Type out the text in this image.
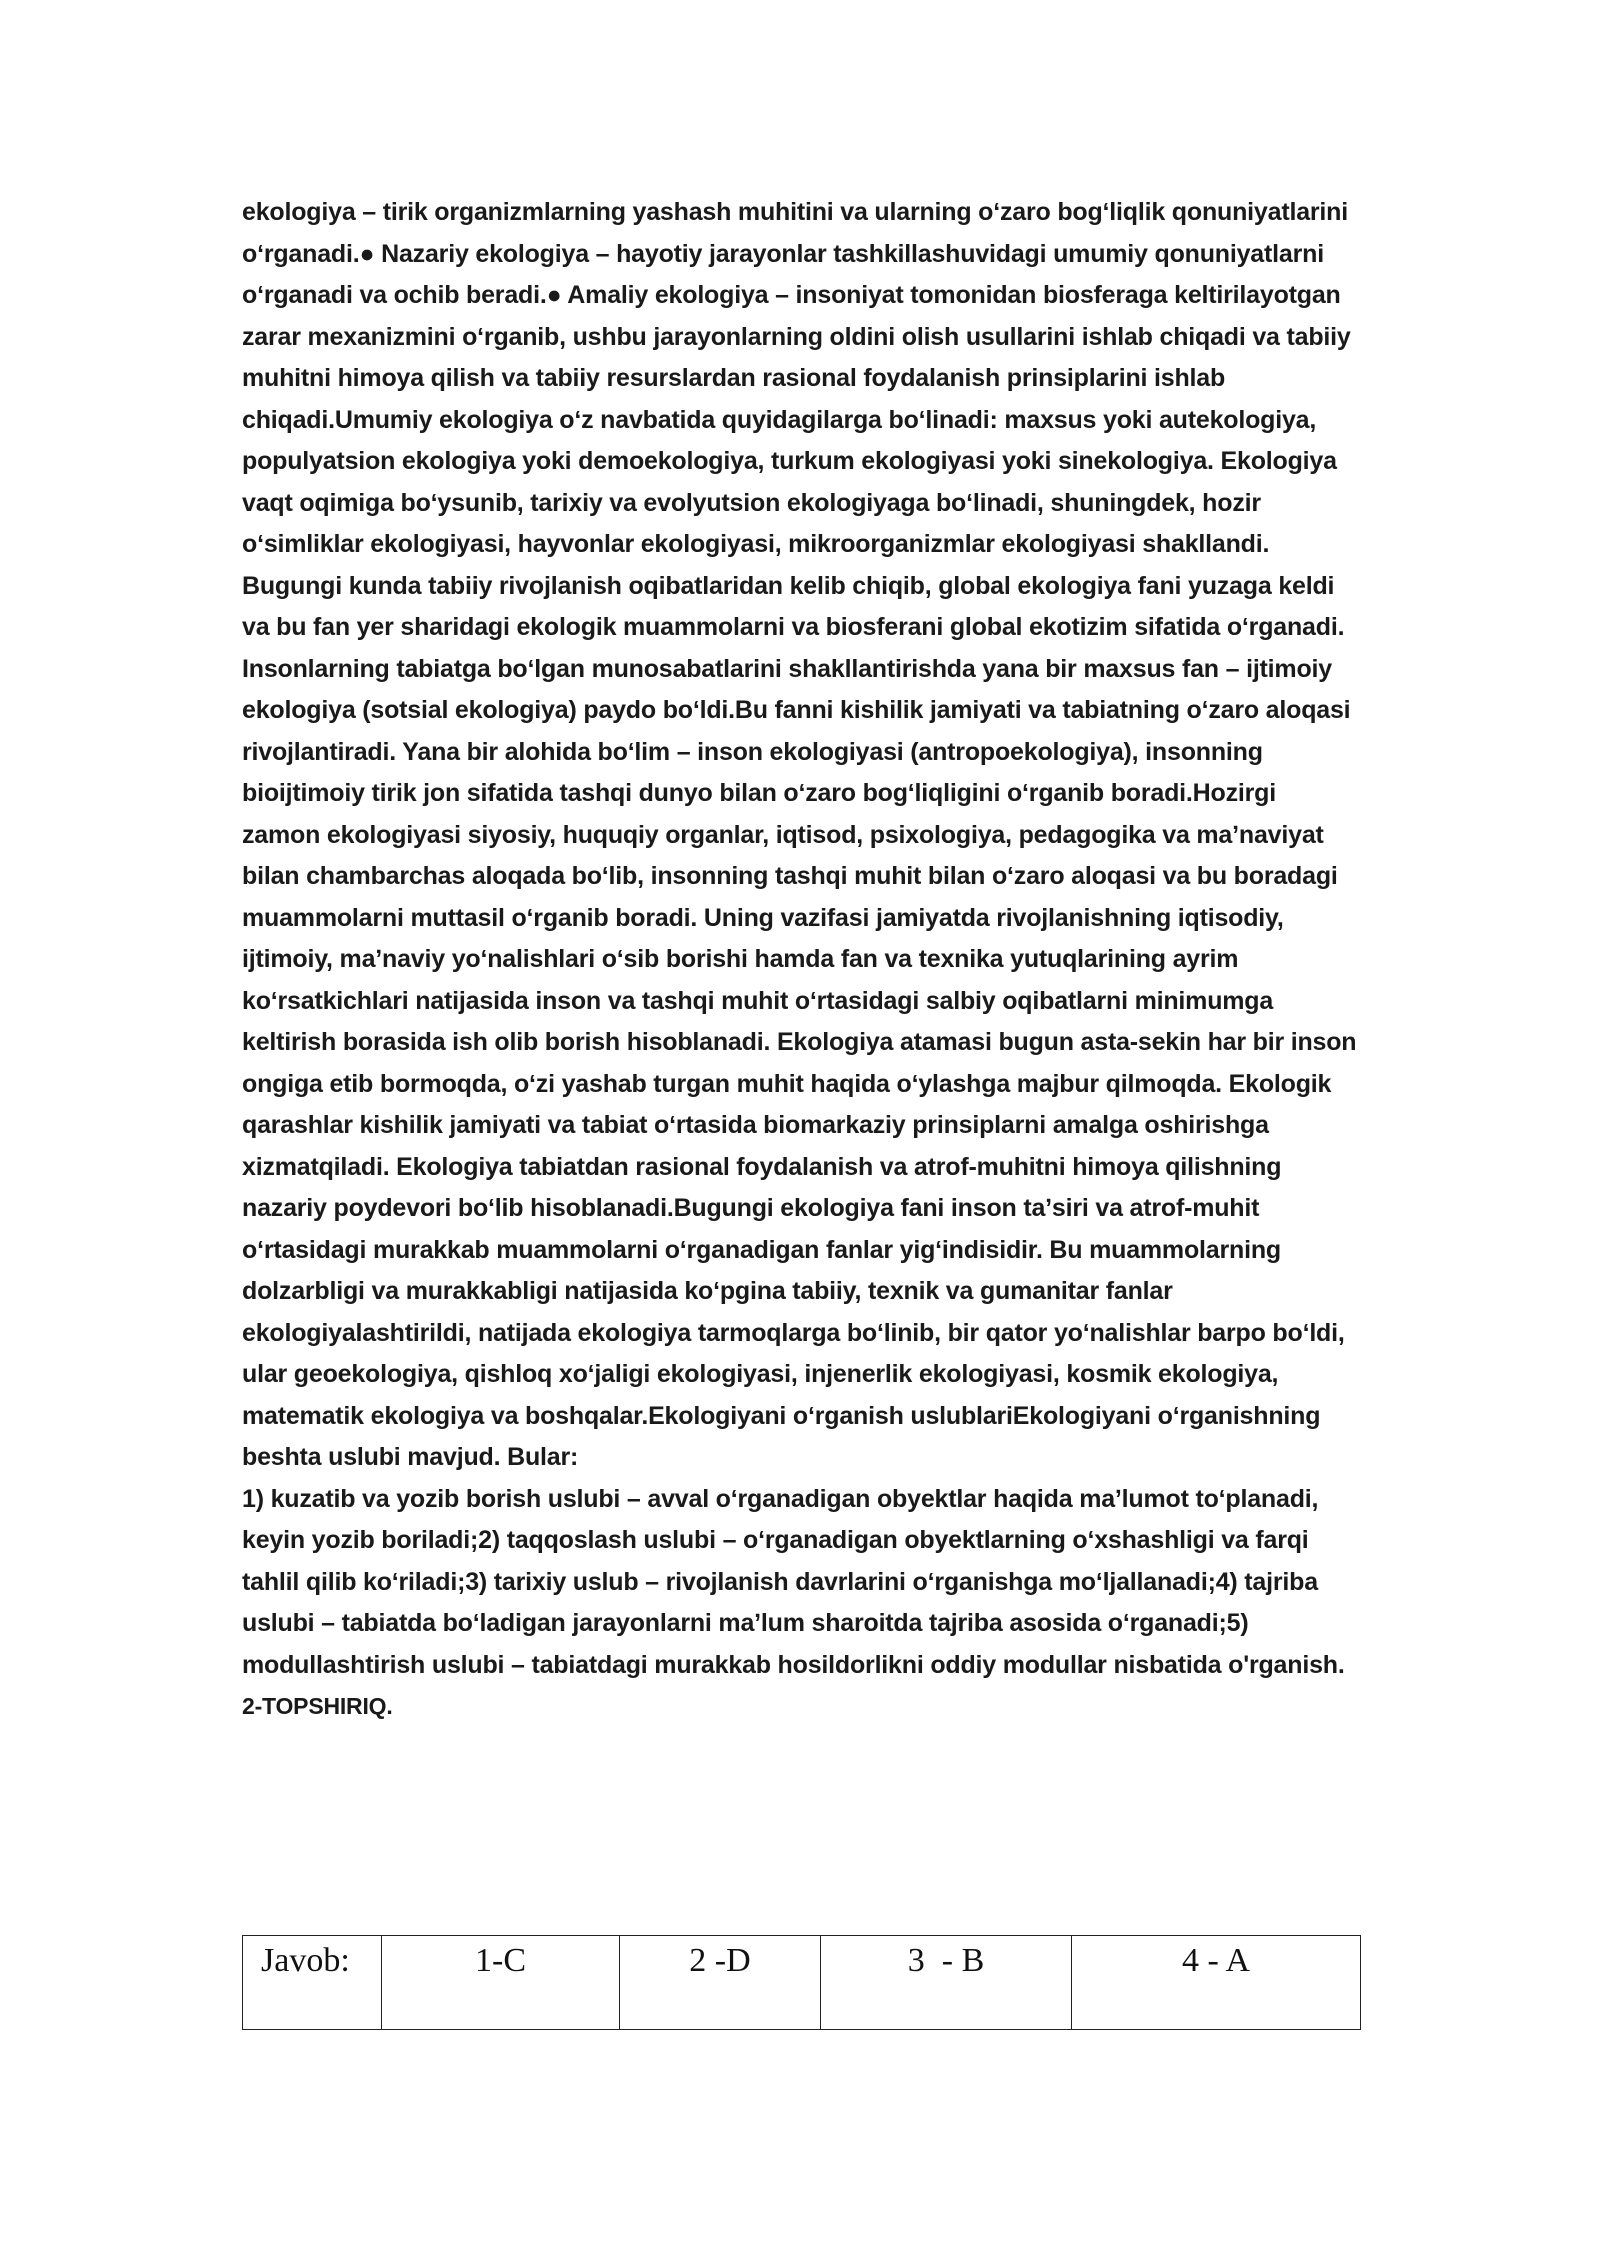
ekologiya – tirik organizmlarning yashash muhitini va ularning oʻzaro bogʻliqlik qonuniyatlarini oʻrganadi.● Nazariy ekologiya – hayotiy jarayonlar tashkillashuvidagi umumiy qonuniyatlarni oʻrganadi va ochib beradi.● Amaliy ekologiya – insoniyat tomonidan biosferaga keltirilayotgan zarar mexanizmini oʻrganib, ushbu jarayonlarning oldini olish usullarini ishlab chiqadi va tabiiy muhitni himoya qilish va tabiiy resurslardan rasional foydalanish prinsiplarini ishlab chiqadi.Umumiy ekologiya oʻz navbatida quyidagilarga boʻlinadi: maxsus yoki autekologiya, populyatsion ekologiya yoki demoekologiya, turkum ekologiyasi yoki sinekologiya. Ekologiya vaqt oqimiga boʻysunib, tarixiy va evolyutsion ekologiyaga boʻlinadi, shuningdek, hozir oʻsimliklar ekologiyasi, hayvonlar ekologiyasi, mikroorganizmlar ekologiyasi shakllandi. Bugungi kunda tabiiy rivojlanish oqibatlaridan kelib chiqib, global ekologiya fani yuzaga keldi va bu fan yer sharidagi ekologik muammolarni va biosferani global ekotizim sifatida oʻrganadi. Insonlarning tabiatga boʻlgan munosabatlarini shakllantirishda yana bir maxsus fan – ijtimoiy ekologiya (sotsial ekologiya) paydo boʻldi.Bu fanni kishilik jamiyati va tabiatning oʻzaro aloqasi rivojlantiradi. Yana bir alohida boʻlim – inson ekologiyasi (antropoekologiya), insonning bioijtimoiy tirik jon sifatida tashqi dunyo bilan oʻzaro bogʻliqligini oʻrganib boradi.Hozirgi zamon ekologiyasi siyosiy, huquqiy organlar, iqtisod, psixologiya, pedagogika va maʼnaviyat bilan chambarchas aloqada boʻlib, insonning tashqi muhit bilan oʻzaro aloqasi va bu boradagi muammolarni muttasil oʻrganib boradi. Uning vazifasi jamiyatda rivojlanishning iqtisodiy, ijtimoiy, maʼnaviy yoʻnalishlari oʻsib borishi hamda fan va texnika yutuqlarining ayrim koʻrsatkichlari natijasida inson va tashqi muhit oʻrtasidagi salbiy oqibatlarni minimumga keltirish borasida ish olib borish hisoblanadi. Ekologiya atamasi bugun asta-sekin har bir inson ongiga etib bormoqda, oʻzi yashab turgan muhit haqida oʻylashga majbur qilmoqda. Ekologik qarashlar kishilik jamiyati va tabiat oʻrtasida biomarkaziy prinsiplarni amalga oshirishga xizmatqiladi. Ekologiya tabiatdan rasional foydalanish va atrof-muhitni himoya qilishning nazariy poydevori boʻlib hisoblanadi.Bugungi ekologiya fani inson taʼsiri va atrof-muhit oʻrtasidagi murakkab muammolarni oʻrganadigan fanlar yigʻindisidir. Bu muammolarning dolzarbligi va murakkabligi natijasida koʻpgina tabiiy, texnik va gumanitar fanlar ekologiyalashtirildi, natijada ekologiya tarmoqlarga boʻlinib, bir qator yoʻnalishlar barpo boʻldi, ular geoekologiya, qishloq xoʻjaligi ekologiyasi, injenerlik ekologiyasi, kosmik ekologiya, matematik ekologiya va boshqalar.Ekologiyani oʻrganish uslublariEkologiyani oʻrganishning beshta uslubi mavjud. Bular:

1) kuzatib va yozib borish uslubi – avval oʻrganadigan obyektlar haqida maʼlumot toʻplanadi, keyin yozib boriladi;2) taqqoslash uslubi – oʻrganadigan obyektlarning oʻxshashligi va farqi tahlil qilib koʻriladi;3) tarixiy uslub – rivojlanish davrlarini oʻrganishga moʻljallanadi;4) tajriba uslubi – tabiatda boʻladigan jarayonlarni maʼlum sharoitda tajriba asosida oʻrganadi;5) modullashtirish uslubi – tabiatdagi murakkab hosildorlikni oddiy modullar nisbatida o'rganish.

2-TOPSHIRIQ.

Javob:	1-C	2 -D	3  - B	4 - A
